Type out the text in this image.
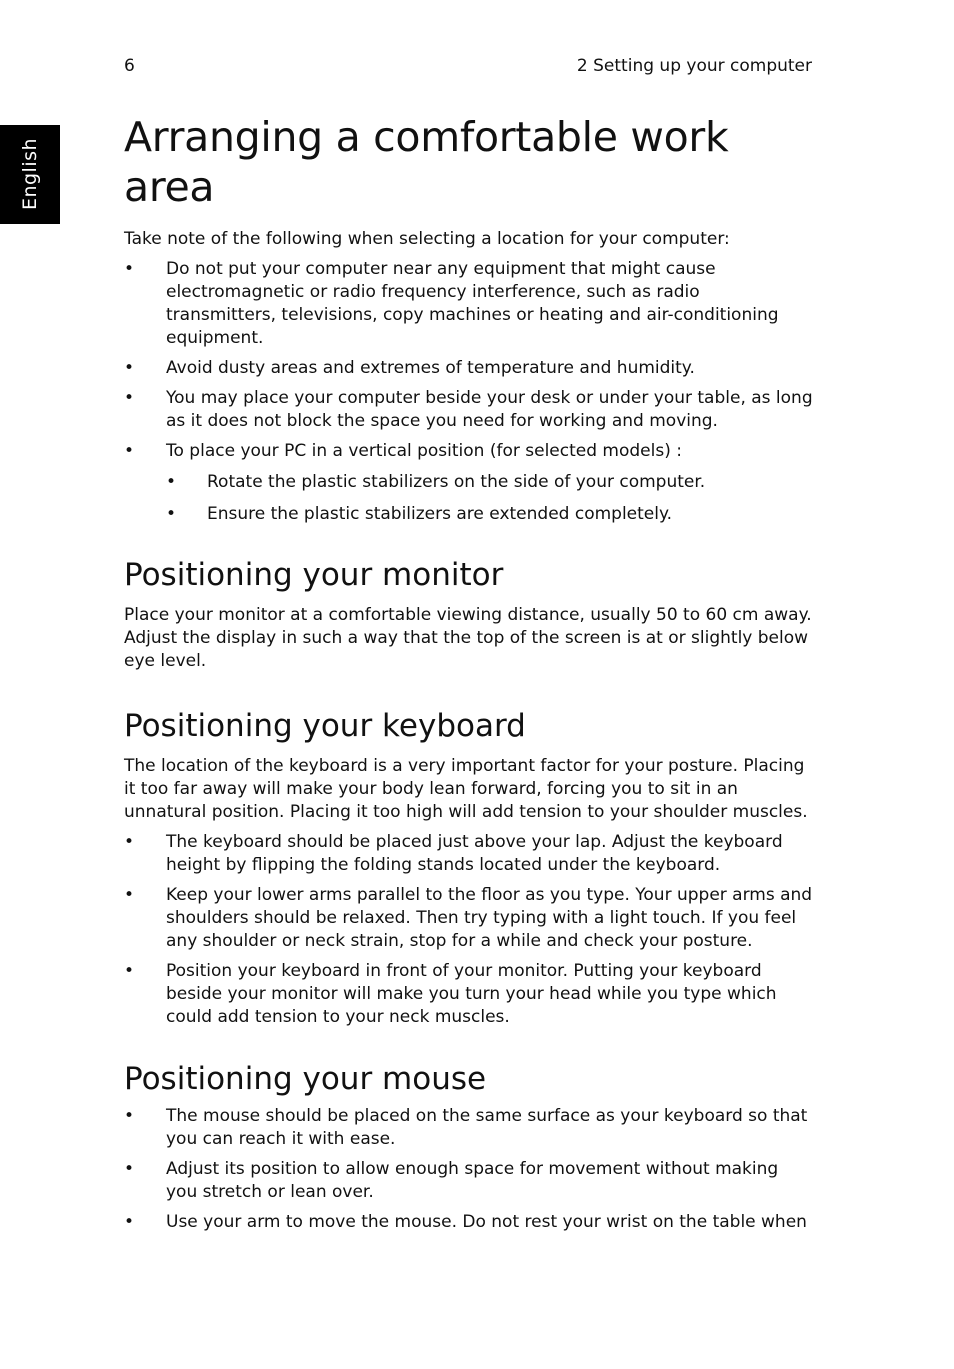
English
6	2 Setting up your computer
Arranging a comfortable work area

Take note of the following when selecting a location for your computer:

• Do not put your computer near any equipment that might cause electromagnetic or radio frequency interference, such as radio transmitters, televisions, copy machines or heating and air-conditioning equipment.
• Avoid dusty areas and extremes of temperature and humidity.
• You may place your computer beside your desk or under your table, as long as it does not block the space you need for working and moving.
• To place your PC in a vertical position (for selected models) :
• Rotate the plastic stabilizers on the side of your computer.
• Ensure the plastic stabilizers are extended completely.
Positioning your monitor

Place your monitor at a comfortable viewing distance, usually 50 to 60 cm away. Adjust the display in such a way that the top of the screen is at or slightly below eye level.

Positioning your keyboard

The location of the keyboard is a very important factor for your posture. Placing it too far away will make your body lean forward, forcing you to sit in an unnatural position. Placing it too high will add tension to your shoulder muscles.

• The keyboard should be placed just above your lap. Adjust the keyboard height by flipping the folding stands located under the keyboard.
• Keep your lower arms parallel to the floor as you type. Your upper arms and shoulders should be relaxed. Then try typing with a light touch. If you feel any shoulder or neck strain, stop for a while and check your posture.
• Position your keyboard in front of your monitor. Putting your keyboard beside your monitor will make you turn your head while you type which could add tension to your neck muscles.
Positioning your mouse
• The mouse should be placed on the same surface as your keyboard so that you can reach it with ease.
• Adjust its position to allow enough space for movement without making you stretch or lean over.
• Use your arm to move the mouse. Do not rest your wrist on the table when
